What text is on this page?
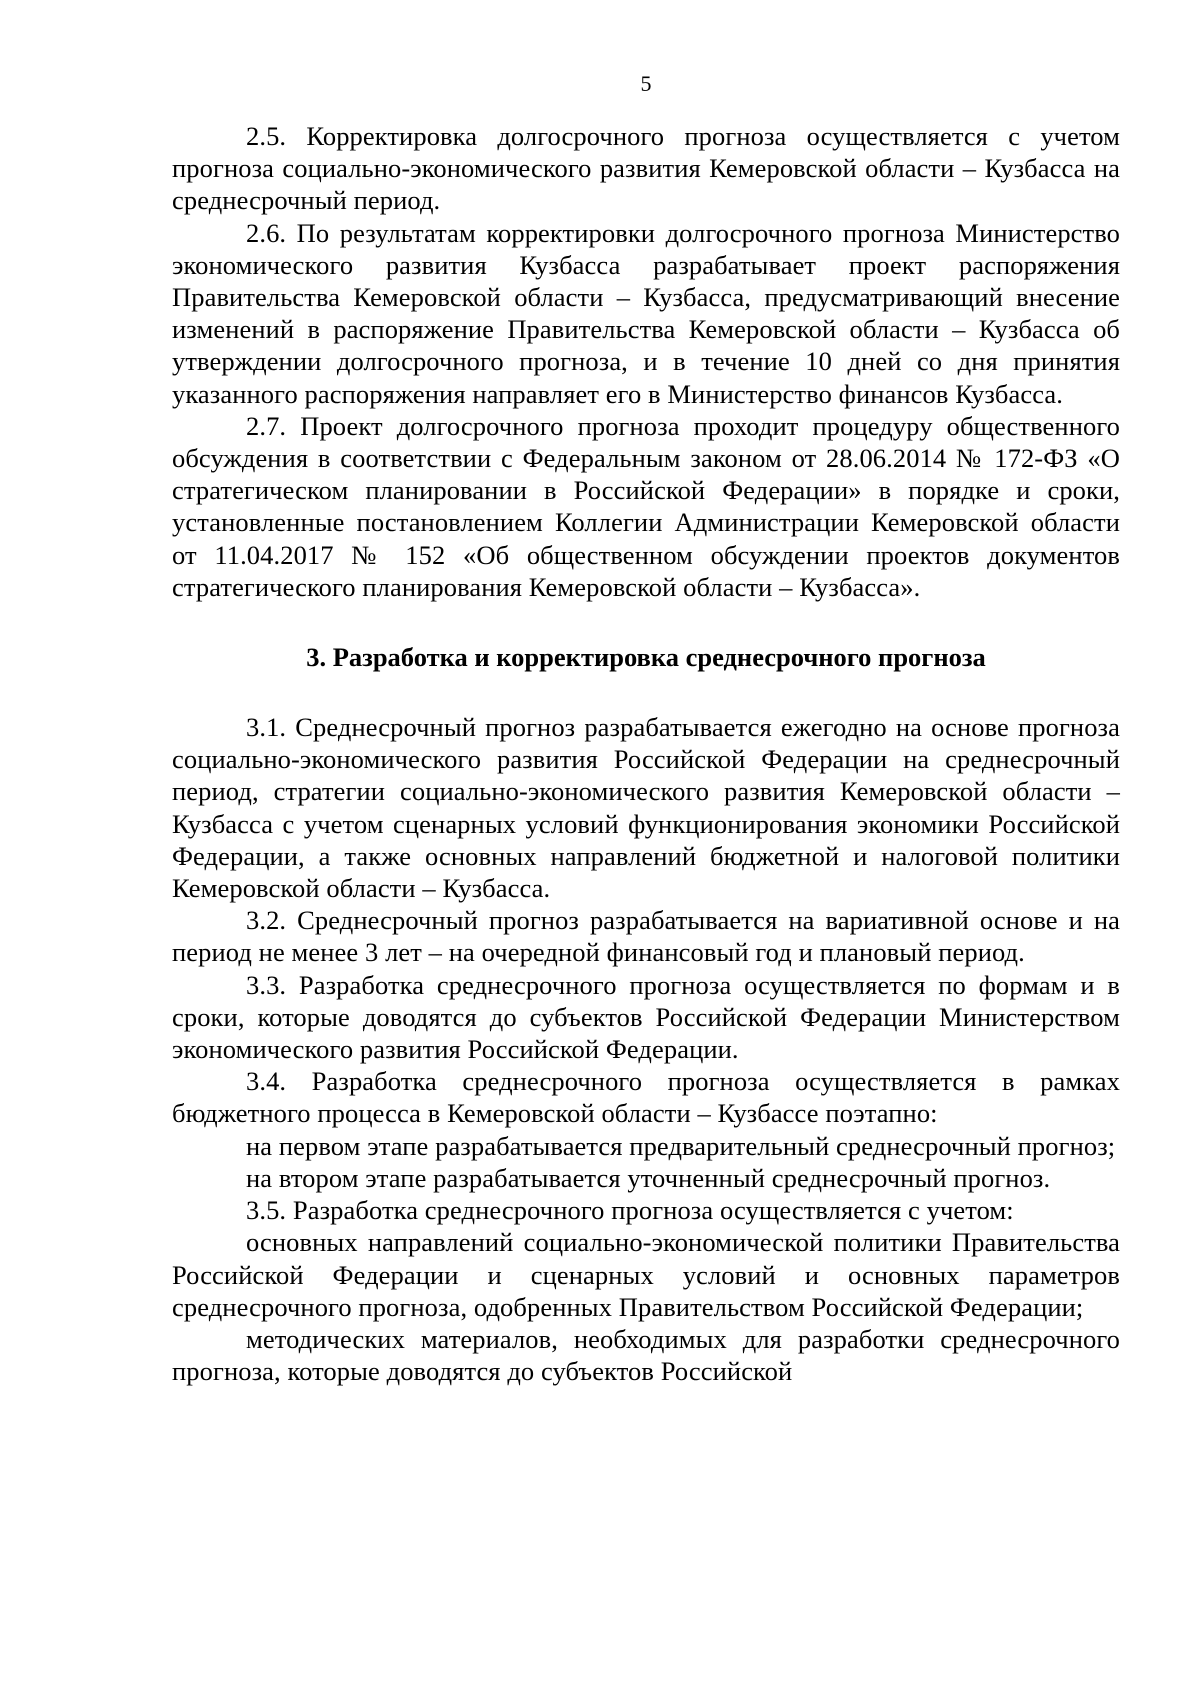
5

2.5. Корректировка долгосрочного прогноза осуществляется с учетом прогноза социально-экономического развития Кемеровской области – Кузбасса на среднесрочный период.

2.6. По результатам корректировки долгосрочного прогноза Министерство экономического развития Кузбасса разрабатывает проект распоряжения Правительства Кемеровской области – Кузбасса, предусматривающий внесение изменений в распоряжение Правительства Кемеровской области – Кузбасса об утверждении долгосрочного прогноза, и в течение 10 дней со дня принятия указанного распоряжения направляет его в Министерство финансов Кузбасса.

2.7. Проект долгосрочного прогноза проходит процедуру общественного обсуждения в соответствии с Федеральным законом от 28.06.2014 № 172-ФЗ «О стратегическом планировании в Российской Федерации» в порядке и сроки, установленные постановлением Коллегии Администрации Кемеровской области от 11.04.2017 № 152 «Об общественном обсуждении проектов документов стратегического планирования Кемеровской области – Кузбасса».

3. Разработка и корректировка среднесрочного прогноза

3.1. Среднесрочный прогноз разрабатывается ежегодно на основе прогноза социально-экономического развития Российской Федерации на среднесрочный период, стратегии социально-экономического развития Кемеровской области – Кузбасса с учетом сценарных условий функционирования экономики Российской Федерации, а также основных направлений бюджетной и налоговой политики Кемеровской области – Кузбасса.

3.2. Среднесрочный прогноз разрабатывается на вариативной основе и на период не менее 3 лет – на очередной финансовый год и плановый период.

3.3. Разработка среднесрочного прогноза осуществляется по формам и в сроки, которые доводятся до субъектов Российской Федерации Министерством экономического развития Российской Федерации.

3.4. Разработка среднесрочного прогноза осуществляется в рамках бюджетного процесса в Кемеровской области – Кузбассе поэтапно:

на первом этапе разрабатывается предварительный среднесрочный прогноз;

на втором этапе разрабатывается уточненный среднесрочный прогноз.

3.5. Разработка среднесрочного прогноза осуществляется с учетом:

основных направлений социально-экономической политики Правительства Российской Федерации и сценарных условий и основных параметров среднесрочного прогноза, одобренных Правительством Российской Федерации;

методических материалов, необходимых для разработки среднесрочного прогноза, которые доводятся до субъектов Российской
